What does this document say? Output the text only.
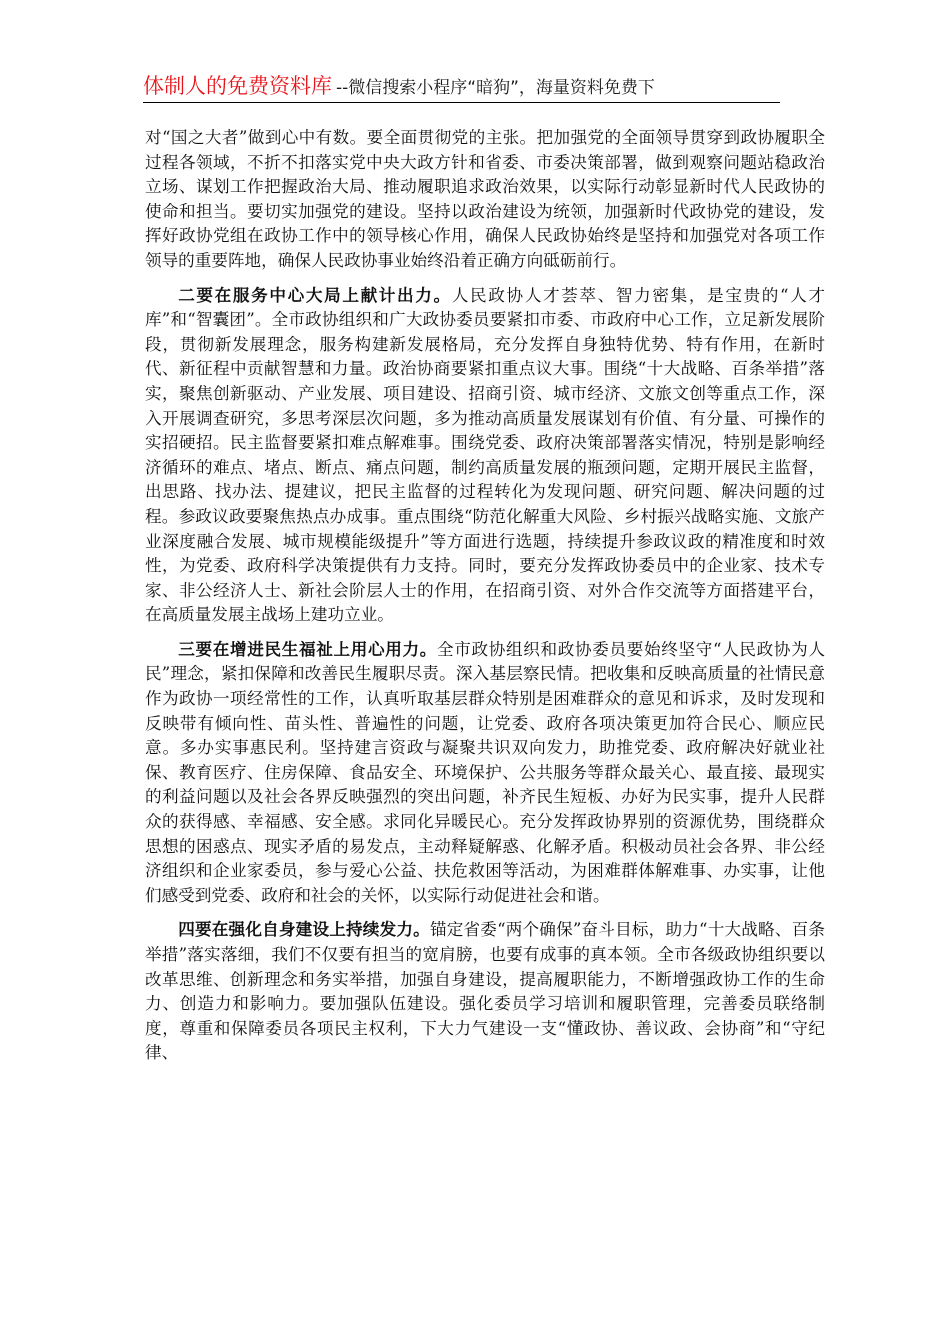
体制人的免费资料库 --微信搜索小程序“暗狗”，海量资料免费下

对“国之大者”做到心中有数。要全面贯彻党的主张。把加强党的全面领导贯穿到政协履职全过程各领域，不折不扣落实党中央大政方针和省委、市委决策部署，做到观察问题站稳政治立场、谋划工作把握政治大局、推动履职追求政治效果，以实际行动彰显新时代人民政协的使命和担当。要切实加强党的建设。坚持以政治建设为统领，加强新时代政协党的建设，发挥好政协党组在政协工作中的领导核心作用，确保人民政协始终是坚持和加强党对各项工作领导的重要阵地，确保人民政协事业始终沿着正确方向砥砺前行。

二要在服务中心大局上献计出力。人民政协人才荟萃、智力密集，是宝贵的“人才库”和“智囊团”。全市政协组织和广大政协委员要紧扣市委、市政府中心工作，立足新发展阶段，贯彻新发展理念，服务构建新发展格局，充分发挥自身独特优势、特有作用，在新时代、新征程中贡献智慧和力量。政治协商要紧扣重点议大事。围绕“十大战略、百条举措”落实，聚焦创新驱动、产业发展、项目建设、招商引资、城市经济、文旅文创等重点工作，深入开展调查研究，多思考深层次问题，多为推动高质量发展谋划有价值、有分量、可操作的实招硬招。民主监督要紧扣难点解难事。围绕党委、政府决策部署落实情况，特别是影响经济循环的难点、堵点、断点、痛点问题，制约高质量发展的瓶颈问题，定期开展民主监督，出思路、找办法、提建议，把民主监督的过程转化为发现问题、研究问题、解决问题的过程。参政议政要聚焦热点办成事。重点围绕“防范化解重大风险、乡村振兴战略实施、文旅产业深度融合发展、城市规模能级提升”等方面进行选题，持续提升参政议政的精准度和时效性，为党委、政府科学决策提供有力支持。同时，要充分发挥政协委员中的企业家、技术专家、非公经济人士、新社会阶层人士的作用，在招商引资、对外合作交流等方面搭建平台，在高质量发展主战场上建功立业。

三要在增进民生福祉上用心用力。全市政协组织和政协委员要始终坚守“人民政协为人民”理念，紧扣保障和改善民生履职尽责。深入基层察民情。把收集和反映高质量的社情民意作为政协一项经常性的工作，认真听取基层群众特别是困难群众的意见和诉求，及时发现和反映带有倾向性、苗头性、普遍性的问题，让党委、政府各项决策更加符合民心、顺应民意。多办实事惠民利。坚持建言资政与凝聚共识双向发力，助推党委、政府解决好就业社保、教育医疗、住房保障、食品安全、环境保护、公共服务等群众最关心、最直接、最现实的利益问题以及社会各界反映强烈的突出问题，补齐民生短板、办好为民实事，提升人民群众的获得感、幸福感、安全感。求同化异暖民心。充分发挥政协界别的资源优势，围绕群众思想的困惑点、现实矛盾的易发点，主动释疑解惑、化解矛盾。积极动员社会各界、非公经济组织和企业家委员，参与爱心公益、扶危救困等活动，为困难群体解难事、办实事，让他们感受到党委、政府和社会的关怀，以实际行动促进社会和谐。

四要在强化自身建设上持续发力。锚定省委“两个确保”奋斗目标，助力“十大战略、百条举措”落实落细，我们不仅要有担当的宽肩膀，也要有成事的真本领。全市各级政协组织要以改革思维、创新理念和务实举措，加强自身建设，提高履职能力，不断增强政协工作的生命力、创造力和影响力。要加强队伍建设。强化委员学习培训和履职管理，完善委员联络制度，尊重和保障委员各项民主权利，下大力气建设一支“懂政协、善议政、会协商”和“守纪律、
